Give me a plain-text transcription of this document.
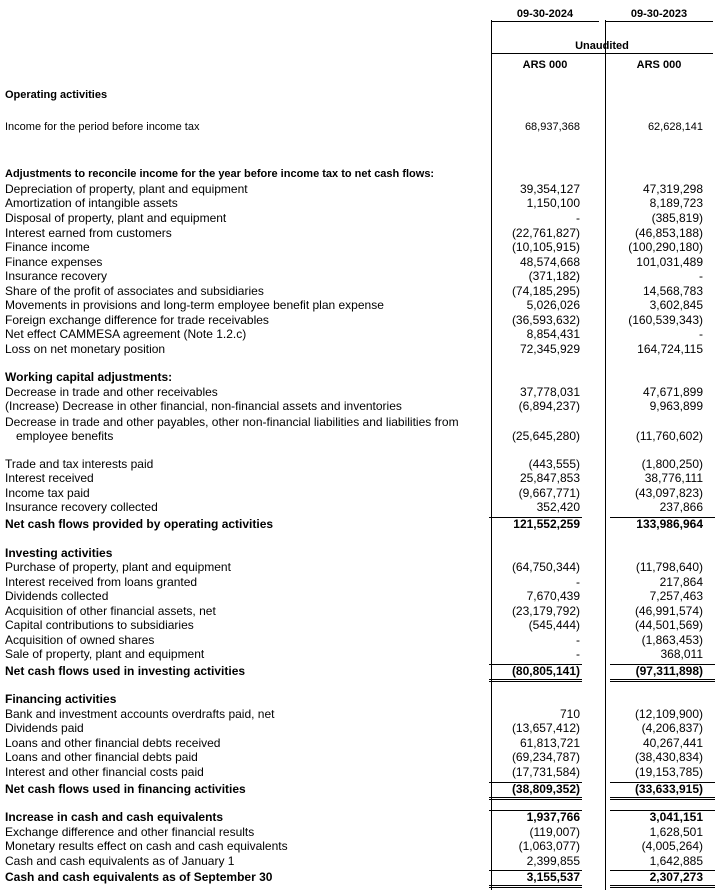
09-30-2024	09-30-2023
Unaudited
ARS 000	ARS 000
Operating activities
Income for the period before income tax	68,937,368	62,628,141
Adjustments to reconcile income for the year before income tax to net cash flows:
Depreciation of property, plant and equipment	39,354,127	47,319,298
Amortization of intangible assets	1,150,100	8,189,723
Disposal of property, plant and equipment	-	(385,819)
Interest earned from customers	(22,761,827)	(46,853,188)
Finance income	(10,105,915)	(100,290,180)
Finance expenses	48,574,668	101,031,489
Insurance recovery	(371,182)	-
Share of the profit of associates and subsidiaries	(74,185,295)	14,568,783
Movements in provisions and long-term employee benefit plan expense	5,026,026	3,602,845
Foreign exchange difference for trade receivables	(36,593,632)	(160,539,343)
Net effect CAMMESA agreement (Note 1.2.c)	8,854,431	-
Loss on net monetary position	72,345,929	164,724,115
Working capital adjustments:
Decrease in trade and other receivables	37,778,031	47,671,899
(Increase) Decrease in other financial, non-financial assets and inventories	(6,894,237)	9,963,899
Decrease in trade and other payables, other non-financial liabilities and liabilities from
employee benefits	(25,645,280)	(11,760,602)
Trade and tax interests paid	(443,555)	(1,800,250)
Interest received	25,847,853	38,776,111
Income tax paid	(9,667,771)	(43,097,823)
Insurance recovery collected	352,420	237,866
Net cash flows provided by operating activities	121,552,259	133,986,964
Investing activities
Purchase of property, plant and equipment	(64,750,344)	(11,798,640)
Interest received from loans granted	-	217,864
Dividends collected	7,670,439	7,257,463
Acquisition of other financial assets, net	(23,179,792)	(46,991,574)
Capital contributions to subsidiaries	(545,444)	(44,501,569)
Acquisition of owned shares	-	(1,863,453)
Sale of property, plant and equipment	-	368,011
Net cash flows used in investing activities	(80,805,141)	(97,311,898)
Financing activities
Bank and investment accounts overdrafts paid, net	710	(12,109,900)
Dividends paid	(13,657,412)	(4,206,837)
Loans and other financial debts received	61,813,721	40,267,441
Loans and other financial debts paid	(69,234,787)	(38,430,834)
Interest and other financial costs paid	(17,731,584)	(19,153,785)
Net cash flows used in financing activities	(38,809,352)	(33,633,915)
Increase in cash and cash equivalents	1,937,766	3,041,151
Exchange difference and other financial results	(119,007)	1,628,501
Monetary results effect on cash and cash equivalents	(1,063,077)	(4,005,264)
Cash and cash equivalents as of January 1	2,399,855	1,642,885
Cash and cash equivalents as of September 30	3,155,537	2,307,273
